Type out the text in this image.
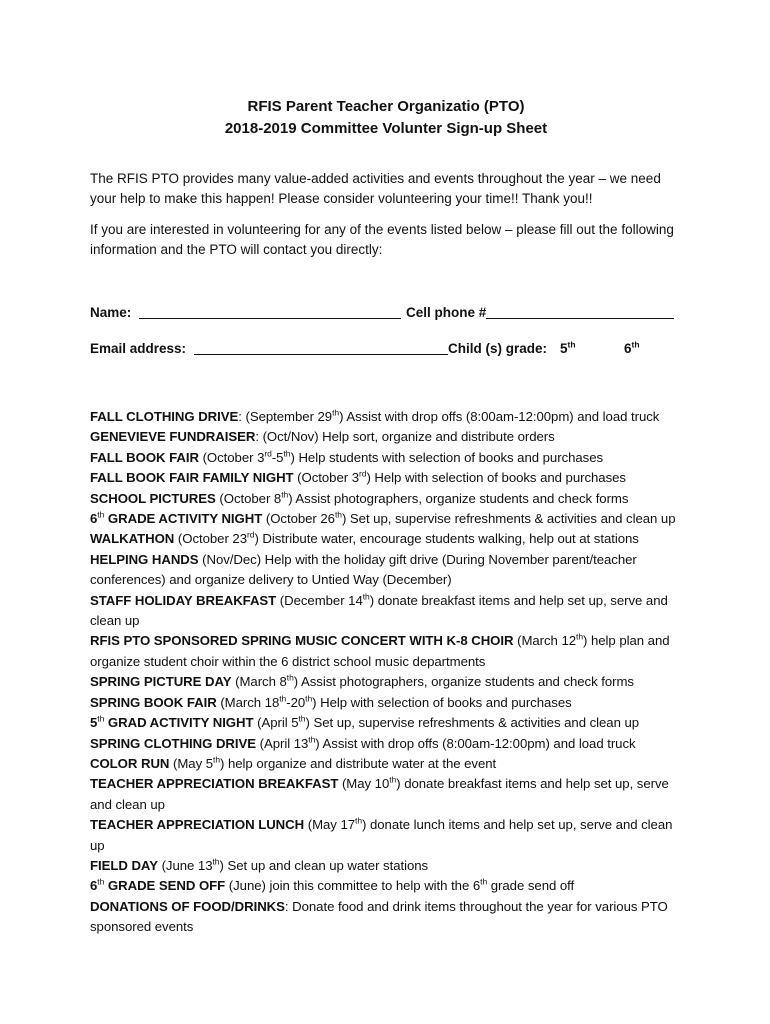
RFIS Parent Teacher Organizatio (PTO)

2018-2019 Committee Volunter Sign-up Sheet

The RFIS PTO provides many value-added activities and events throughout the year – we need your help to make this happen! Please consider volunteering your time!! Thank you!!

If you are interested in volunteering for any of the events listed below – please fill out the following information and the PTO will contact you directly:

Name:	Cell phone #
Email address:	Child (s) grade: 5th	6th

FALL CLOTHING DRIVE: (September 29th) Assist with drop offs (8:00am-12:00pm) and load truck

GENEVIEVE FUNDRAISER: (Oct/Nov) Help sort, organize and distribute orders

FALL BOOK FAIR (October 3rd-5th) Help students with selection of books and purchases

FALL BOOK FAIR FAMILY NIGHT (October 3rd) Help with selection of books and purchases

SCHOOL PICTURES (October 8th) Assist photographers, organize students and check forms

6th GRADE ACTIVITY NIGHT (October 26th) Set up, supervise refreshments & activities and clean up

WALKATHON (October 23rd) Distribute water, encourage students walking, help out at stations

HELPING HANDS (Nov/Dec) Help with the holiday gift drive (During November parent/teacher conferences) and organize delivery to Untied Way (December)

STAFF HOLIDAY BREAKFAST (December 14th) donate breakfast items and help set up, serve and clean up

RFIS PTO SPONSORED SPRING MUSIC CONCERT WITH K-8 CHOIR (March 12th) help plan and organize student choir within the 6 district school music departments

SPRING PICTURE DAY (March 8th) Assist photographers, organize students and check forms

SPRING BOOK FAIR (March 18th-20th) Help with selection of books and purchases

5th GRAD ACTIVITY NIGHT (April 5th) Set up, supervise refreshments & activities and clean up

SPRING CLOTHING DRIVE (April 13th) Assist with drop offs (8:00am-12:00pm) and load truck

COLOR RUN (May 5th) help organize and distribute water at the event

TEACHER APPRECIATION BREAKFAST (May 10th) donate breakfast items and help set up, serve and clean up

TEACHER APPRECIATION LUNCH (May 17th) donate lunch items and help set up, serve and clean up

FIELD DAY (June 13th) Set up and clean up water stations

6th GRADE SEND OFF (June) join this committee to help with the 6th grade send off

DONATIONS OF FOOD/DRINKS: Donate food and drink items throughout the year for various PTO sponsored events
